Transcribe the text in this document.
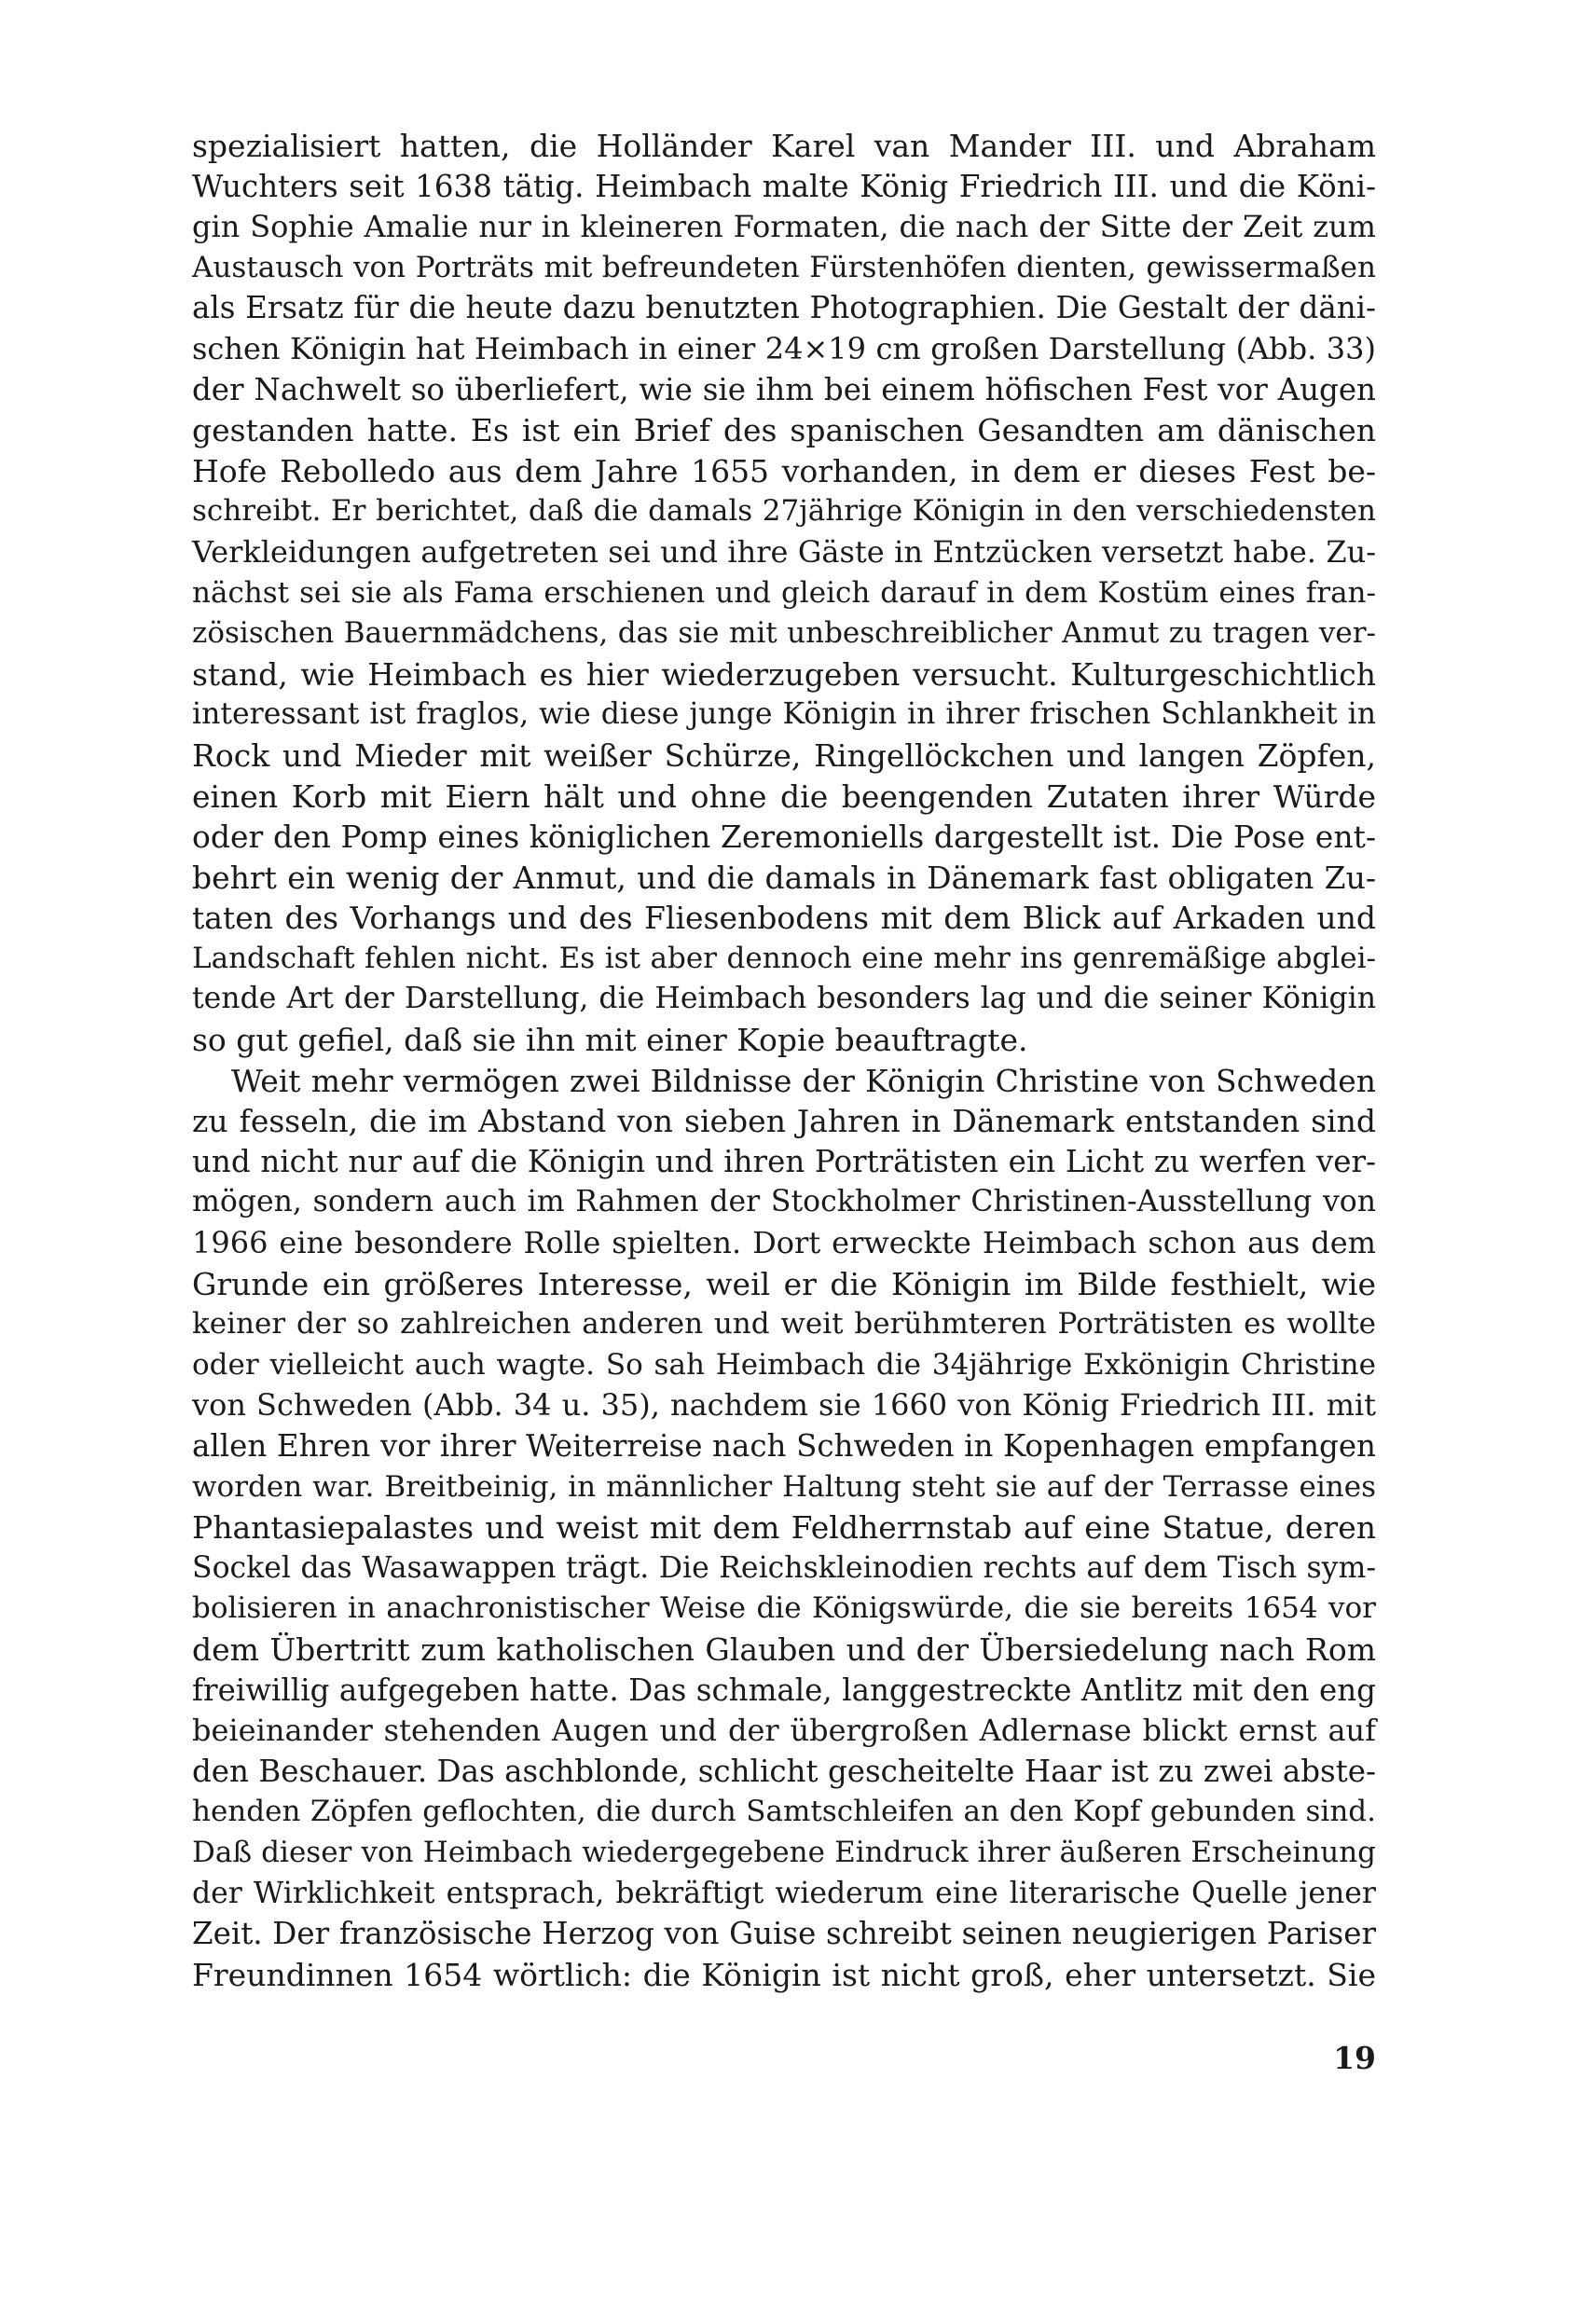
spezialisiert hatten, die Holländer Karel van Mander III. und Abraham
Wuchters seit 1638 tätig. Heimbach malte König Friedrich III. und die Köni-
gin Sophie Amalie nur in kleineren Formaten, die nach der Sitte der Zeit zum
Austausch von Porträts mit befreundeten Fürstenhöfen dienten, gewissermaßen
als Ersatz für die heute dazu benutzten Photographien. Die Gestalt der däni-
schen Königin hat Heimbach in einer 24×19 cm großen Darstellung (Abb. 33)
der Nachwelt so überliefert, wie sie ihm bei einem höfischen Fest vor Augen
gestanden hatte. Es ist ein Brief des spanischen Gesandten am dänischen
Hofe Rebolledo aus dem Jahre 1655 vorhanden, in dem er dieses Fest be-
schreibt. Er berichtet, daß die damals 27jährige Königin in den verschiedensten
Verkleidungen aufgetreten sei und ihre Gäste in Entzücken versetzt habe. Zu-
nächst sei sie als Fama erschienen und gleich darauf in dem Kostüm eines fran-
zösischen Bauernmädchens, das sie mit unbeschreiblicher Anmut zu tragen ver-
stand, wie Heimbach es hier wiederzugeben versucht. Kulturgeschichtlich
interessant ist fraglos, wie diese junge Königin in ihrer frischen Schlankheit in
Rock und Mieder mit weißer Schürze, Ringellöckchen und langen Zöpfen,
einen Korb mit Eiern hält und ohne die beengenden Zutaten ihrer Würde
oder den Pomp eines königlichen Zeremoniells dargestellt ist. Die Pose ent-
behrt ein wenig der Anmut, und die damals in Dänemark fast obligaten Zu-
taten des Vorhangs und des Fliesenbodens mit dem Blick auf Arkaden und
Landschaft fehlen nicht. Es ist aber dennoch eine mehr ins genremäßige abglei-
tende Art der Darstellung, die Heimbach besonders lag und die seiner Königin
so gut gefiel, daß sie ihn mit einer Kopie beauftragte.
Weit mehr vermögen zwei Bildnisse der Königin Christine von Schweden
zu fesseln, die im Abstand von sieben Jahren in Dänemark entstanden sind
und nicht nur auf die Königin und ihren Porträtisten ein Licht zu werfen ver-
mögen, sondern auch im Rahmen der Stockholmer Christinen-Ausstellung von
1966 eine besondere Rolle spielten. Dort erweckte Heimbach schon aus dem
Grunde ein größeres Interesse, weil er die Königin im Bilde festhielt, wie
keiner der so zahlreichen anderen und weit berühmteren Porträtisten es wollte
oder vielleicht auch wagte. So sah Heimbach die 34jährige Exkönigin Christine
von Schweden (Abb. 34 u. 35), nachdem sie 1660 von König Friedrich III. mit
allen Ehren vor ihrer Weiterreise nach Schweden in Kopenhagen empfangen
worden war. Breitbeinig, in männlicher Haltung steht sie auf der Terrasse eines
Phantasiepalastes und weist mit dem Feldherrnstab auf eine Statue, deren
Sockel das Wasawappen trägt. Die Reichskleinodien rechts auf dem Tisch sym-
bolisieren in anachronistischer Weise die Königswürde, die sie bereits 1654 vor
dem Übertritt zum katholischen Glauben und der Übersiedelung nach Rom
freiwillig aufgegeben hatte. Das schmale, langgestreckte Antlitz mit den eng
beieinander stehenden Augen und der übergroßen Adlernase blickt ernst auf
den Beschauer. Das aschblonde, schlicht gescheitelte Haar ist zu zwei abste-
henden Zöpfen geflochten, die durch Samtschleifen an den Kopf gebunden sind.
Daß dieser von Heimbach wiedergegebene Eindruck ihrer äußeren Erscheinung
der Wirklichkeit entsprach, bekräftigt wiederum eine literarische Quelle jener
Zeit. Der französische Herzog von Guise schreibt seinen neugierigen Pariser
Freundinnen 1654 wörtlich: die Königin ist nicht groß, eher untersetzt. Sie
19
